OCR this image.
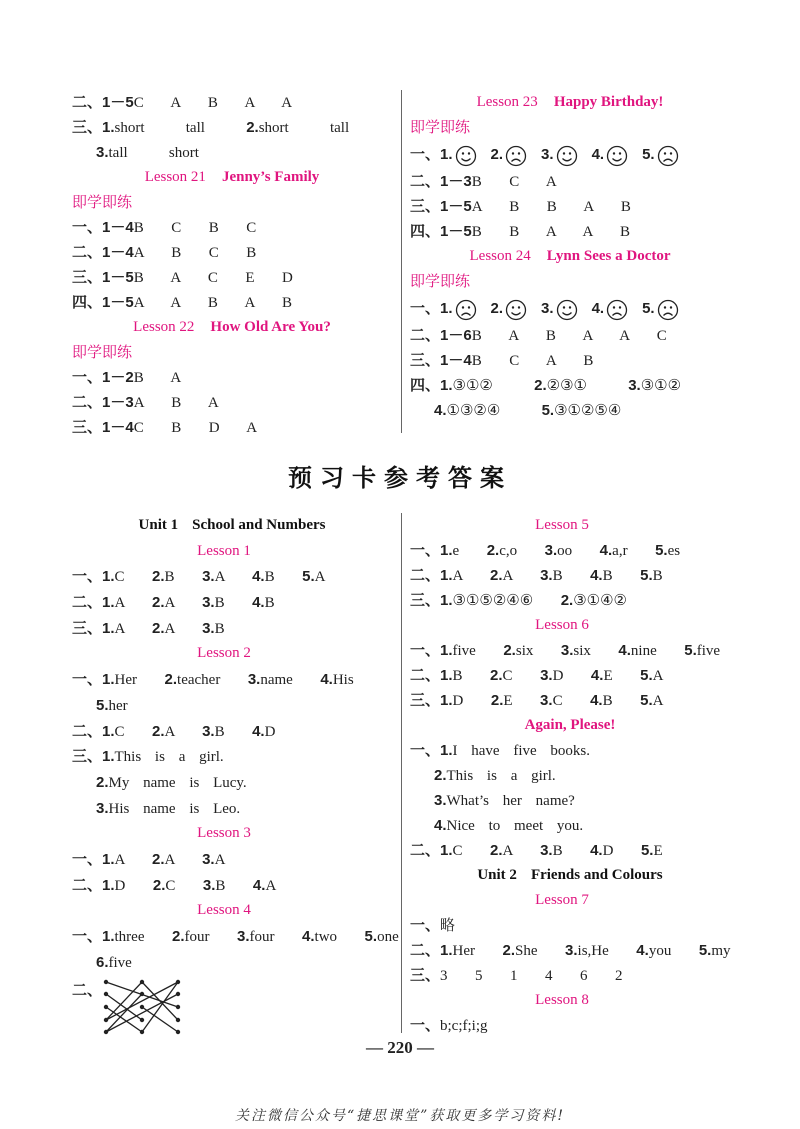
二、1－5C  A  B  A  A
三、1.short   tall   2.short   tall
3.tall   short
Lesson 21 Jenny’s Family
即学即练
一、1－4B  C  B  C
二、1－4A  B  C  B
三、1－5B  A  C  E  D
四、1－5A  A  B  A  B
Lesson 22 How Old Are You?
即学即练
一、1－2B  A
二、1－3A  B  A
三、1－4C  B  D  A
Lesson 23 Happy Birthday!
即学即练
一、1.	2.	3.	4.	5.
二、1－3B  C  A
三、1－5A  B  B  A  B
四、1－5B  B  A  A  B
Lesson 24 Lynn Sees a Doctor
即学即练
一、1.	2.	3.	4.	5.
二、1－6B  A  B  A  A  C
三、1－4B  C  A  B
四、1.③①②   2.②③①   3.③①②
4.①③②④   5.③①②⑤④
预习卡参考答案
Unit 1 School and Numbers
Lesson 1
一、1.C  2.B  3.A  4.B  5.A
二、1.A  2.A  3.B  4.B
三、1.A  2.A  3.B
Lesson 2
一、1.Her  2.teacher  3.name  4.His
5.her
二、1.C  2.A  3.B  4.D
三、1.This is a girl.
2.My name is Lucy.
3.His name is Leo.
Lesson 3
一、1.A  2.A  3.A
二、1.D  2.C  3.B  4.A
Lesson 4
一、1.three  2.four  3.four  4.two  5.one
6.five
二、
Lesson 5
一、1.e  2.c,o  3.oo  4.a,r  5.es
二、1.A  2.A  3.B  4.B  5.B
三、1.③①⑤②④⑥  2.③①④②
Lesson 6
一、1.five  2.six  3.six  4.nine  5.five
二、1.B  2.C  3.D  4.E  5.A
三、1.D  2.E  3.C  4.B  5.A
Again, Please!
一、1.I have five books.
2.This is a girl.
3.What’s her name?
4.Nice to meet you.
二、1.C  2.A  3.B  4.D  5.E
Unit 2 Friends and Colours
Lesson 7
一、略
二、1.Her  2.She  3.is,He  4.you  5.my
三、3  5  1  4  6  2
Lesson 8
一、b;c;f;i;g
— 220 —
关注微信公众号“捷思课堂”获取更多学习资料!
